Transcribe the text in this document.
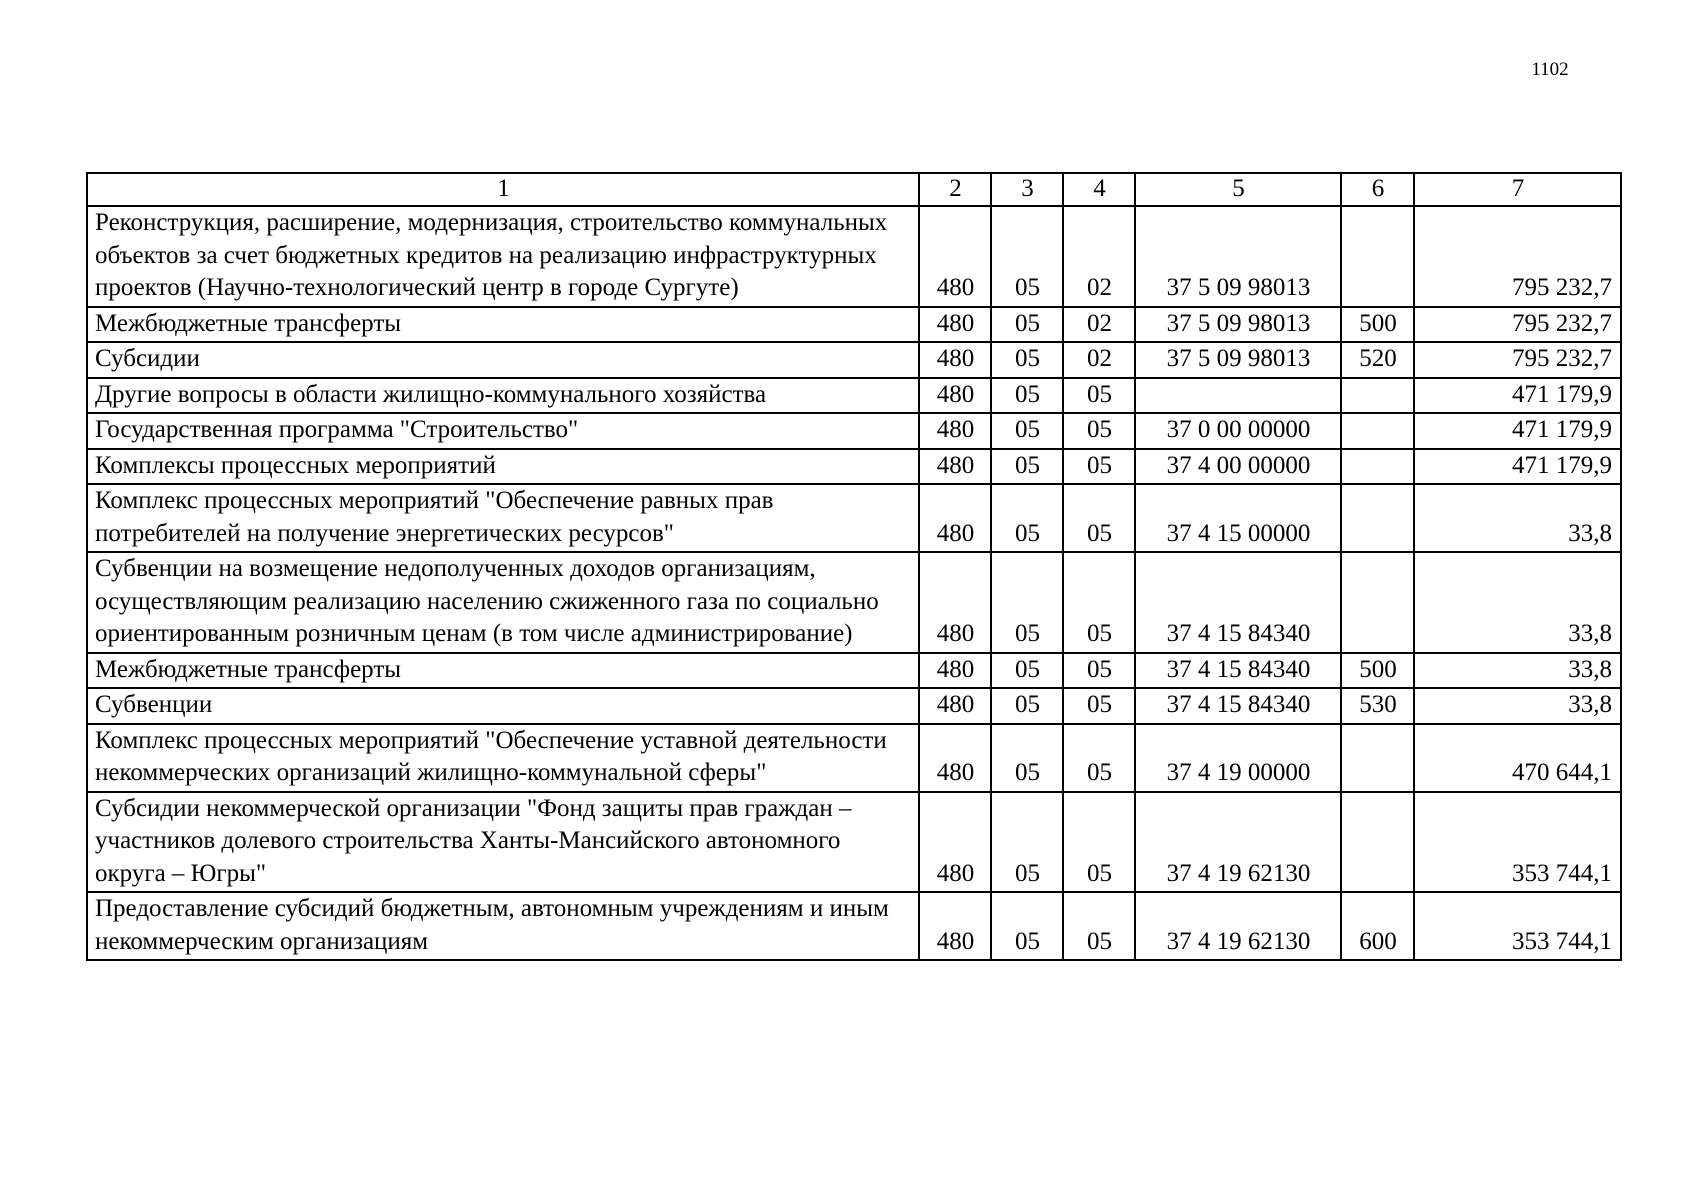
1102
1	2	3	4	5	6	7
Реконструкция, расширение, модернизация, строительство коммунальных объектов за счет бюджетных кредитов на реализацию инфраструктурных проектов (Научно-технологический центр в городе Сургуте)	480	05	02	37 5 09 98013		795 232,7
Межбюджетные трансферты	480	05	02	37 5 09 98013	500	795 232,7
Субсидии	480	05	02	37 5 09 98013	520	795 232,7
Другие вопросы в области жилищно-коммунального хозяйства	480	05	05			471 179,9
Государственная программа "Строительство"	480	05	05	37 0 00 00000		471 179,9
Комплексы процессных мероприятий	480	05	05	37 4 00 00000		471 179,9
Комплекс процессных мероприятий "Обеспечение равных прав потребителей на получение энергетических ресурсов"	480	05	05	37 4 15 00000		33,8
Субвенции на возмещение недополученных доходов организациям, осуществляющим реализацию населению сжиженного газа по социально ориентированным розничным ценам (в том числе администрирование)	480	05	05	37 4 15 84340		33,8
Межбюджетные трансферты	480	05	05	37 4 15 84340	500	33,8
Субвенции	480	05	05	37 4 15 84340	530	33,8
Комплекс процессных мероприятий "Обеспечение уставной деятельности некоммерческих организаций жилищно-коммунальной сферы"	480	05	05	37 4 19 00000		470 644,1
Субсидии некоммерческой организации "Фонд защиты прав граждан – участников долевого строительства Ханты-Мансийского автономного округа – Югры"	480	05	05	37 4 19 62130		353 744,1
Предоставление субсидий бюджетным, автономным учреждениям и иным некоммерческим организациям	480	05	05	37 4 19 62130	600	353 744,1
